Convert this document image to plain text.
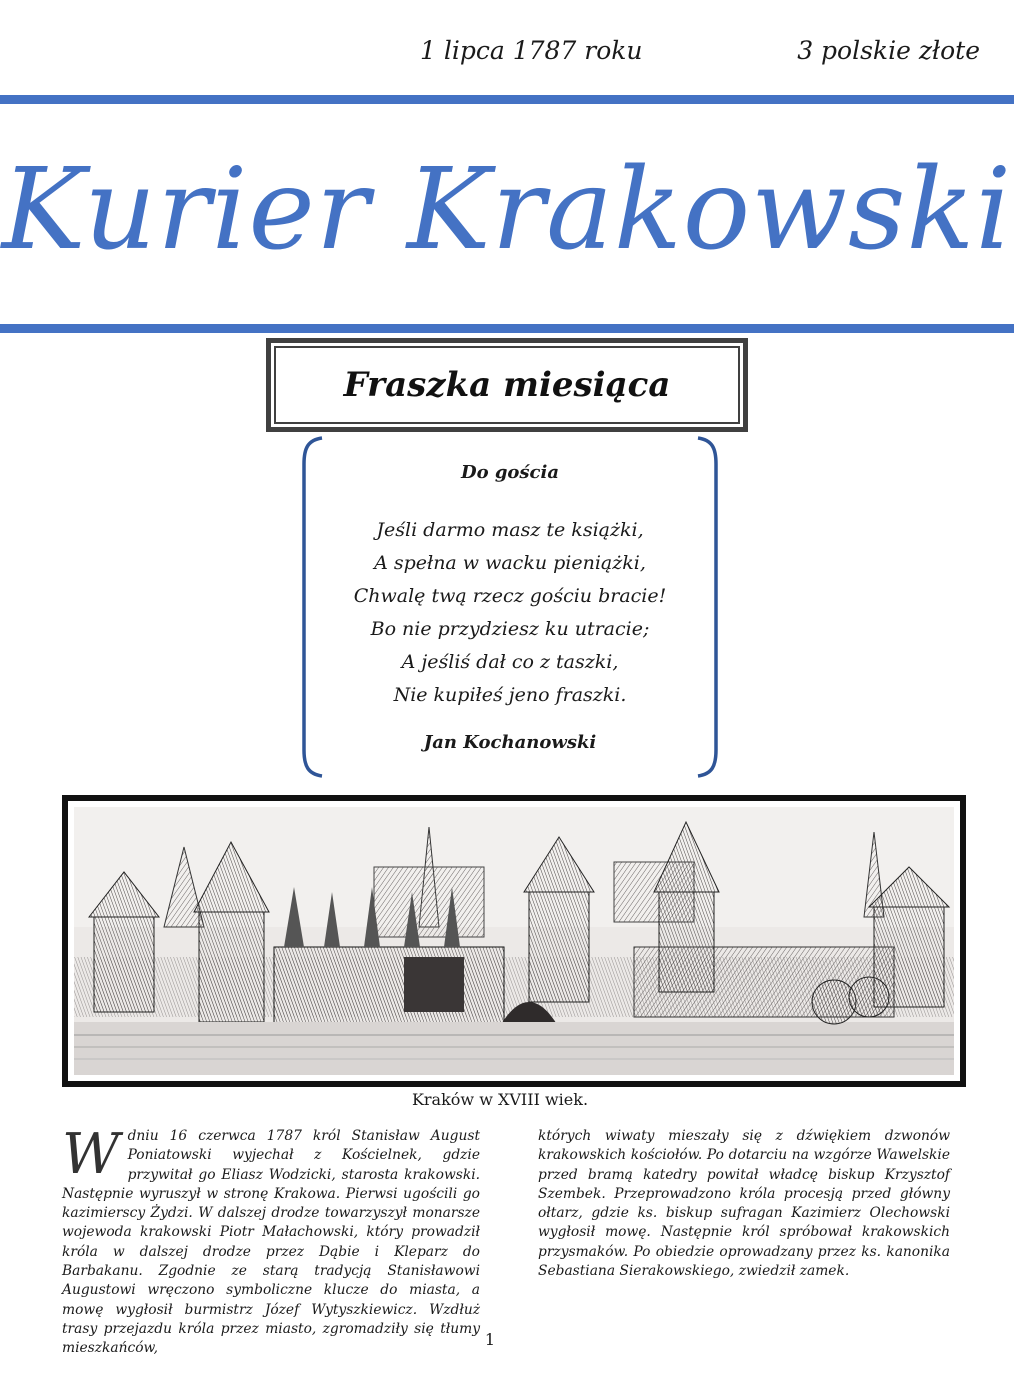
1 lipca 1787 roku	3 polskie złote
Kurier Krakowski
Fraszka miesiąca
Do gościa
Jeśli darmo masz te książki,
A spełna w wacku pieniążki,
Chwalę twą rzecz gościu bracie!
Bo nie przydziesz ku utracie;
A jeśliś dał co z taszki,
Nie kupiłeś jeno fraszki.
Jan Kochanowski
Kraków w XVIII wiek.
W dniu 16 czerwca 1787 król Stanisław August Poniatowski wyjechał z Kościelnek, gdzie przywitał go Eliasz Wodzicki, starosta krakowski. Następnie wyruszył w stronę Krakowa. Pierwsi ugościli go kazimierscy Żydzi. W dalszej drodze towarzyszył monarsze wojewoda krakowski Piotr Małachowski, który prowadził króla w dalszej drodze przez Dąbie i Kleparz do Barbakanu. Zgodnie ze starą tradycją Stanisławowi Augustowi wręczono symboliczne klucze do miasta, a mowę wygłosił burmistrz Józef Wytyszkiewicz. Wzdłuż trasy przejazdu króla przez miasto, zgromadziły się tłumy mieszkańców,
których wiwaty mieszały się z dźwiękiem dzwonów krakowskich kościołów. Po dotarciu na wzgórze Wawelskie przed bramą katedry powitał władcę biskup Krzysztof Szembek. Przeprowadzono króla procesją przed główny ołtarz, gdzie ks. biskup sufragan Kazimierz Olechowski wygłosił mowę. Następnie król spróbował krakowskich przysmaków. Po obiedzie oprowadzany przez ks. kanonika Sebastiana Sierakowskiego, zwiedził zamek.
1
